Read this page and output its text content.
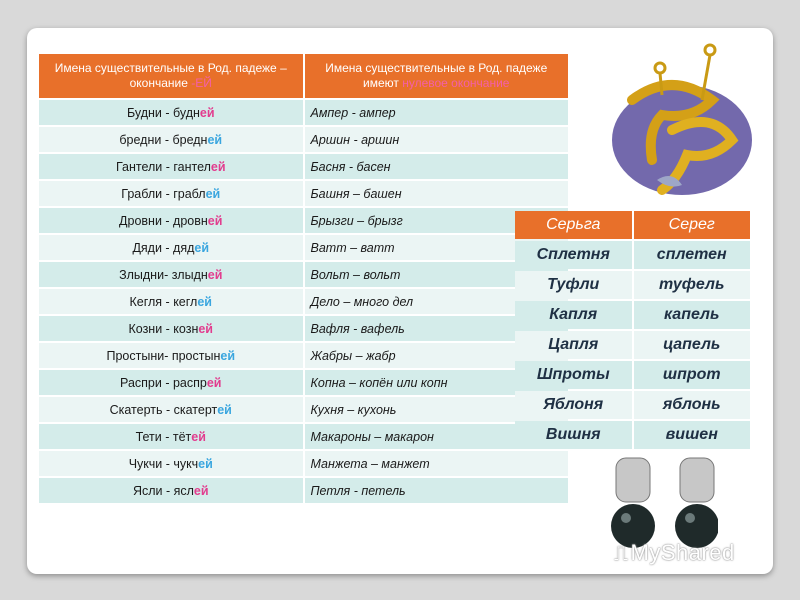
Имена существительные в Род. падеже – окончание -ЕЙ	Имена существительные в Род. падеже имеют нулевое окончание
Будни - будней	Ампер - ампер
бредни - бредней	Аршин - аршин
Гантели - гантелей	Басня - басен
Грабли - граблей	Башня – башен
Дровни - дровней	Брызги – брызг
Дяди - дядей	Ватт – ватт
Злыдни- злыдней	Вольт – вольт
Кегля - кеглей	Дело – много дел
Козни - козней	Вафля - вафель
Простыни- простыней	Жабры – жабр
Распри - распрей	Копна – копён или копн
Скатерть - скатертей	Кухня – кухонь
Тети - тётей	Макароны – макарон
Чукчи - чукчей	Манжета – манжет
Ясли - яслей	Петля - петель
Серьга	Серег
Сплетня	сплетен
Туфли	туфель
Капля	капель
Цапля	цапель
Шпроты	шпрот
Яблоня	яблонь
Вишня	вишен
⎍MyShared
